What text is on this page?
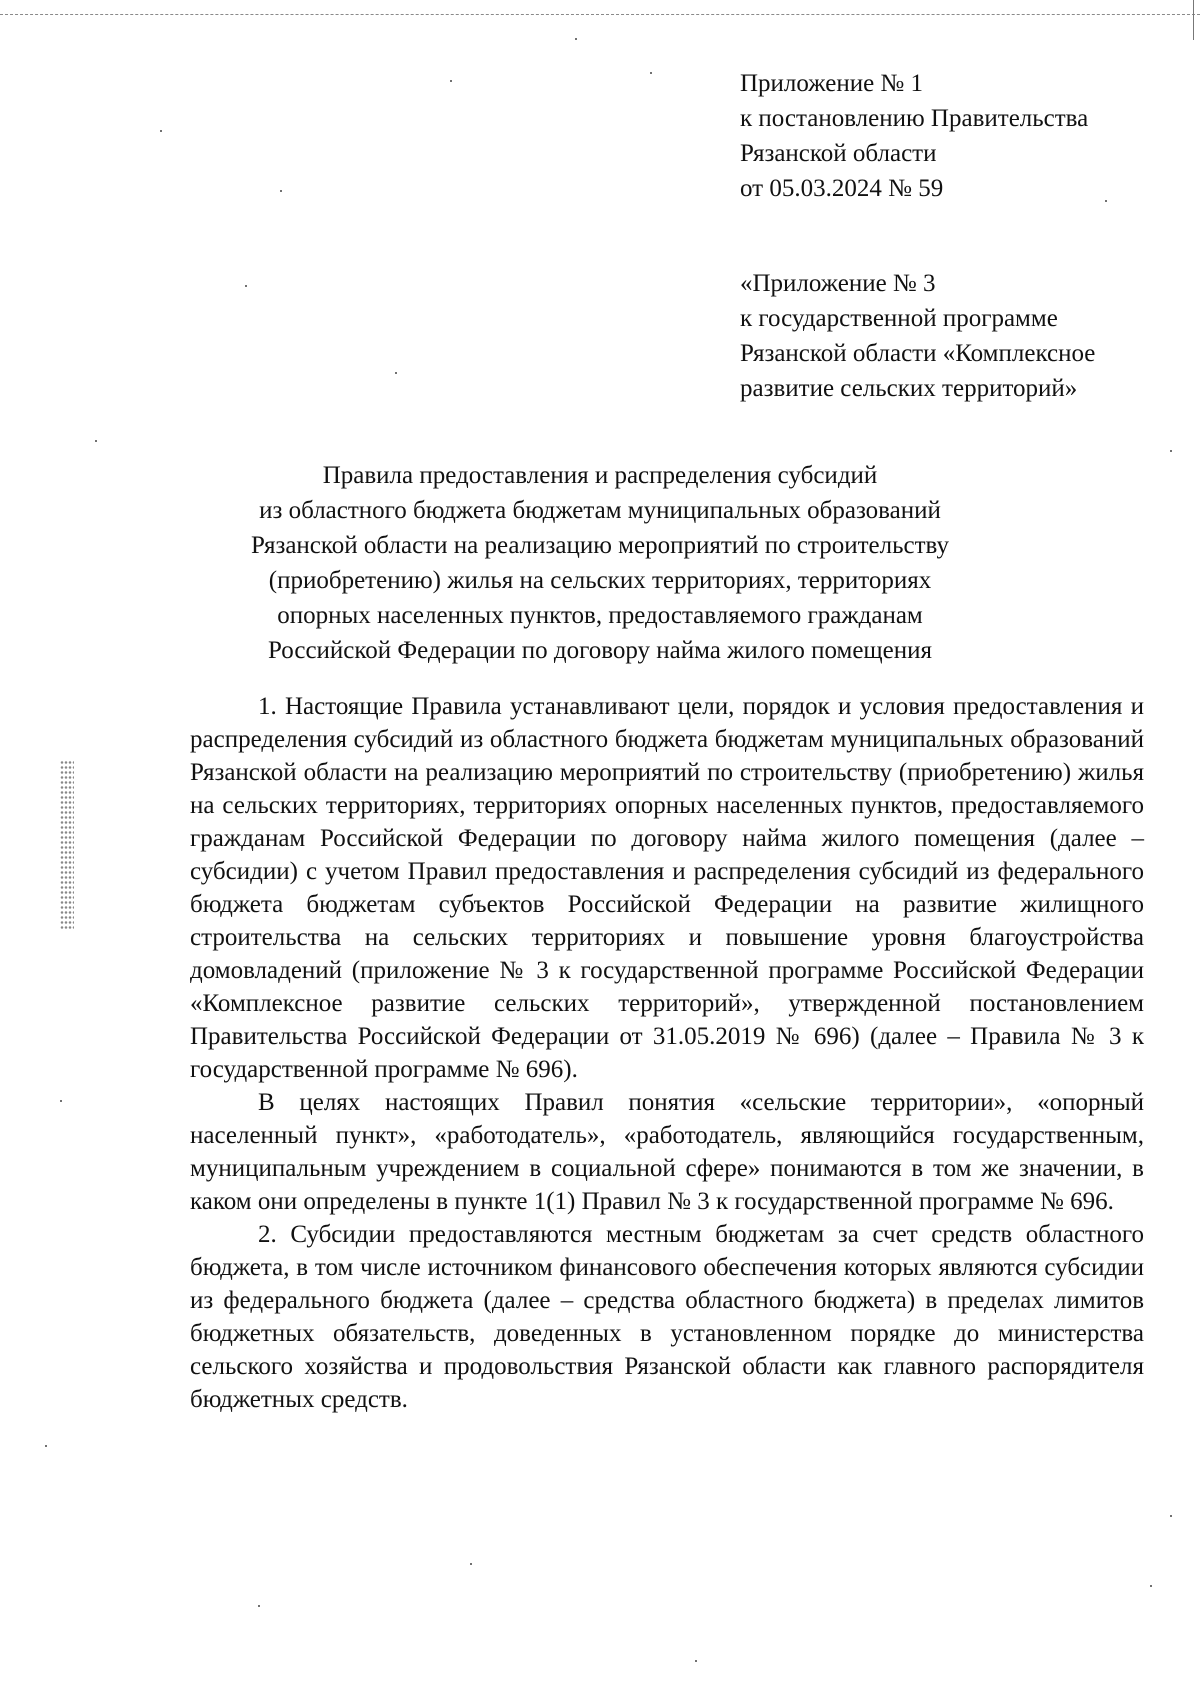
Приложение № 1
к постановлению Правительства
Рязанской области
от 05.03.2024 № 59
«Приложение № 3
к государственной программе
Рязанской области «Комплексное
развитие сельских территорий»
Правила предоставления и распределения субсидий
из областного бюджета бюджетам муниципальных образований
Рязанской области на реализацию мероприятий по строительству
(приобретению) жилья на сельских территориях, территориях
опорных населенных пунктов, предоставляемого гражданам
Российской Федерации по договору найма жилого помещения

1. Настоящие Правила устанавливают цели, порядок и условия предоставления и распределения субсидий из областного бюджета бюджетам муниципальных образований Рязанской области на реализацию мероприятий по строительству (приобретению) жилья на сельских территориях, территориях опорных населенных пунктов, предоставляемого гражданам Российской Федерации по договору найма жилого помещения (далее – субсидии) с учетом Правил предоставления и распределения субсидий из федерального бюджета бюджетам субъектов Российской Федерации на развитие жилищного строительства на сельских территориях и повышение уровня благоустройства домовладений (приложение № 3 к государственной программе Российской Федерации «Комплексное развитие сельских территорий», утвержденной постановлением Правительства Российской Федерации от 31.05.2019 № 696) (далее – Правила № 3 к государственной программе № 696).

В целях настоящих Правил понятия «сельские территории», «опорный населенный пункт», «работодатель», «работодатель, являющийся государственным, муниципальным учреждением в социальной сфере» понимаются в том же значении, в каком они определены в пункте 1(1) Правил № 3 к государственной программе № 696.

2. Субсидии предоставляются местным бюджетам за счет средств областного бюджета, в том числе источником финансового обеспечения которых являются субсидии из федерального бюджета (далее – средства областного бюджета) в пределах лимитов бюджетных обязательств, доведенных в установленном порядке до министерства сельского хозяйства и продовольствия Рязанской области как главного распорядителя бюджетных средств.
